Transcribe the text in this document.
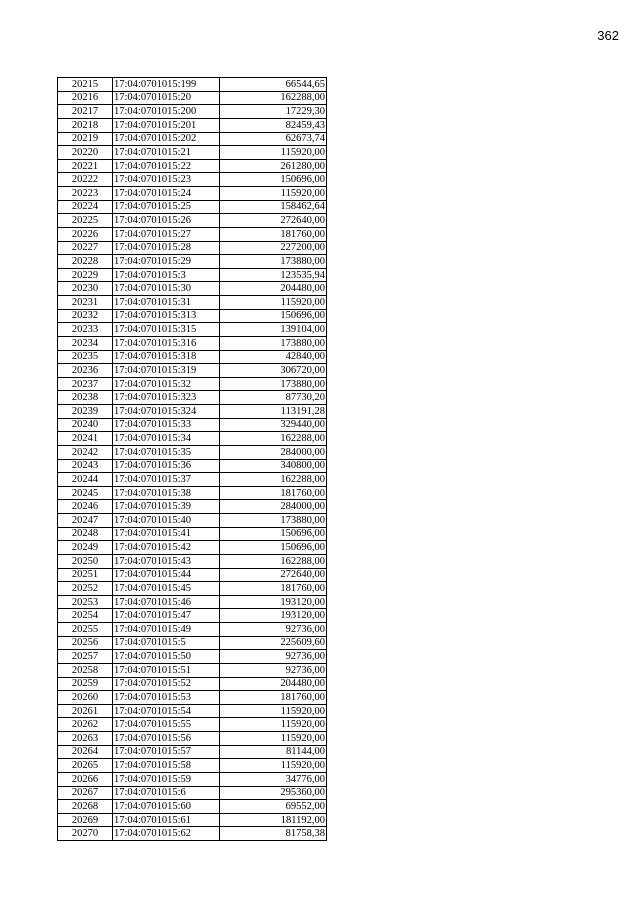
362
20215	17:04:0701015:199	66544,65
20216	17:04:0701015:20	162288,00
20217	17:04:0701015:200	17229,30
20218	17:04:0701015:201	82459,43
20219	17:04:0701015:202	62673,74
20220	17:04:0701015:21	115920,00
20221	17:04:0701015:22	261280,00
20222	17:04:0701015:23	150696,00
20223	17:04:0701015:24	115920,00
20224	17:04:0701015:25	158462,64
20225	17:04:0701015:26	272640,00
20226	17:04:0701015:27	181760,00
20227	17:04:0701015:28	227200,00
20228	17:04:0701015:29	173880,00
20229	17:04:0701015:3	123535,94
20230	17:04:0701015:30	204480,00
20231	17:04:0701015:31	115920,00
20232	17:04:0701015:313	150696,00
20233	17:04:0701015:315	139104,00
20234	17:04:0701015:316	173880,00
20235	17:04:0701015:318	42840,00
20236	17:04:0701015:319	306720,00
20237	17:04:0701015:32	173880,00
20238	17:04:0701015:323	87730,20
20239	17:04:0701015:324	113191,28
20240	17:04:0701015:33	329440,00
20241	17:04:0701015:34	162288,00
20242	17:04:0701015:35	284000,00
20243	17:04:0701015:36	340800,00
20244	17:04:0701015:37	162288,00
20245	17:04:0701015:38	181760,00
20246	17:04:0701015:39	284000,00
20247	17:04:0701015:40	173880,00
20248	17:04:0701015:41	150696,00
20249	17:04:0701015:42	150696,00
20250	17:04:0701015:43	162288,00
20251	17:04:0701015:44	272640,00
20252	17:04:0701015:45	181760,00
20253	17:04:0701015:46	193120,00
20254	17:04:0701015:47	193120,00
20255	17:04:0701015:49	92736,00
20256	17:04:0701015:5	225609,60
20257	17:04:0701015:50	92736,00
20258	17:04:0701015:51	92736,00
20259	17:04:0701015:52	204480,00
20260	17:04:0701015:53	181760,00
20261	17:04:0701015:54	115920,00
20262	17:04:0701015:55	115920,00
20263	17:04:0701015:56	115920,00
20264	17:04:0701015:57	81144,00
20265	17:04:0701015:58	115920,00
20266	17:04:0701015:59	34776,00
20267	17:04:0701015:6	295360,00
20268	17:04:0701015:60	69552,00
20269	17:04:0701015:61	181192,00
20270	17:04:0701015:62	81758,38
